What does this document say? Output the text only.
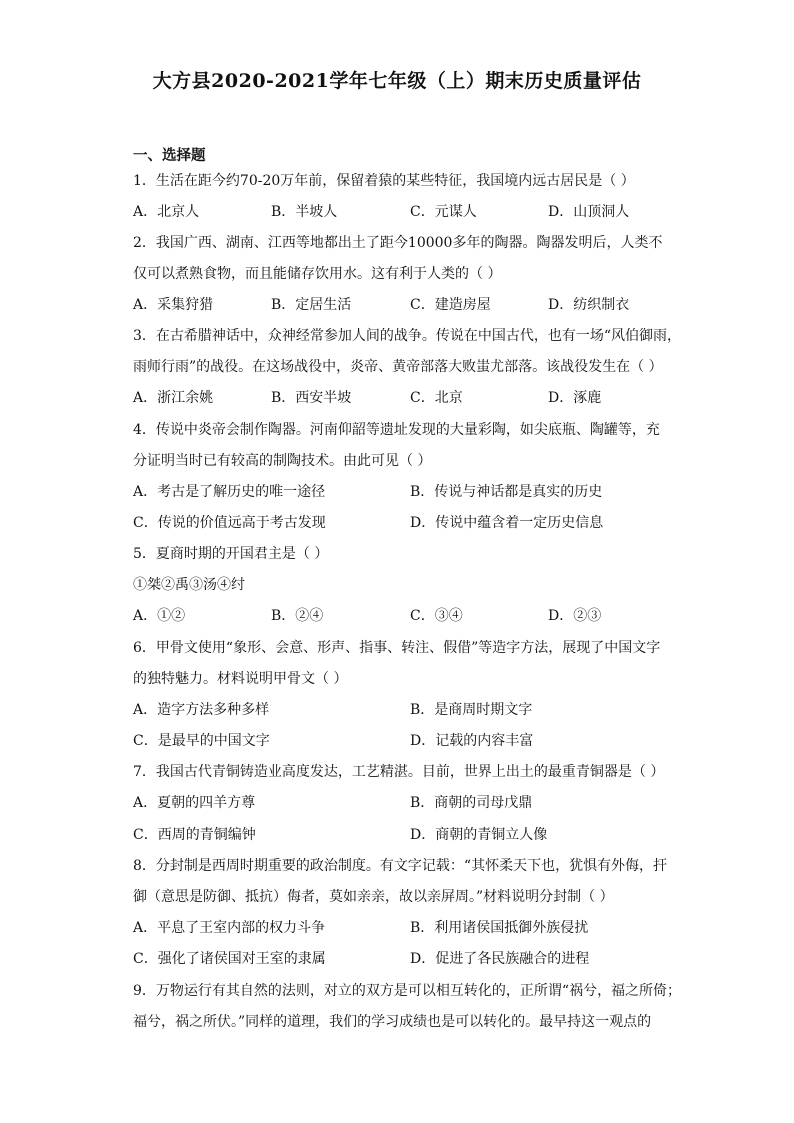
大方县2020-2021学年七年级（上）期末历史质量评估
一、选择题
1．生活在距今约70-20万年前，保留着猿的某些特征，我国境内远古居民是（ ）
A．北京人	B．半坡人	C．元谋人	D．山顶洞人
2．我国广西、湖南、江西等地都出土了距今10000多年的陶器。陶器发明后，人类不
仅可以煮熟食物，而且能储存饮用水。这有利于人类的（ ）
A．采集狩猎	B．定居生活	C．建造房屋	D．纺织制衣
3．在古希腊神话中，众神经常参加人间的战争。传说在中国古代，也有一场“风伯御雨，
雨师行雨”的战役。在这场战役中，炎帝、黄帝部落大败蚩尤部落。该战役发生在（ ）
A．浙江余姚	B．西安半坡	C．北京	D．涿鹿
4．传说中炎帝会制作陶器。河南仰韶等遗址发现的大量彩陶，如尖底瓶、陶罐等，充
分证明当时已有较高的制陶技术。由此可见（ ）
A．考古是了解历史的唯一途径	B．传说与神话都是真实的历史
C．传说的价值远高于考古发现	D．传说中蕴含着一定历史信息
5．夏商时期的开国君主是（ ）
①桀②禹③汤④纣
A．①②	B．②④	C．③④	D．②③
6．甲骨文使用“象形、会意、形声、指事、转注、假借”等造字方法，展现了中国文字
的独特魅力。材料说明甲骨文（ ）
A．造字方法多种多样	B．是商周时期文字
C．是最早的中国文字	D．记载的内容丰富
7．我国古代青铜铸造业高度发达，工艺精湛。目前，世界上出土的最重青铜器是（ ）
A．夏朝的四羊方尊	B．商朝的司母戊鼎
C．西周的青铜编钟	D．商朝的青铜立人像
8．分封制是西周时期重要的政治制度。有文字记载：“其怀柔天下也，犹惧有外侮，扞
御（意思是防御、抵抗）侮者，莫如亲亲，故以亲屏周。”材料说明分封制（ ）
A．平息了王室内部的权力斗争	B．利用诸侯国抵御外族侵扰
C．强化了诸侯国对王室的隶属	D．促进了各民族融合的进程
9．万物运行有其自然的法则，对立的双方是可以相互转化的，正所谓“祸兮，福之所倚；
福兮，祸之所伏。”同样的道理，我们的学习成绩也是可以转化的。最早持这一观点的
